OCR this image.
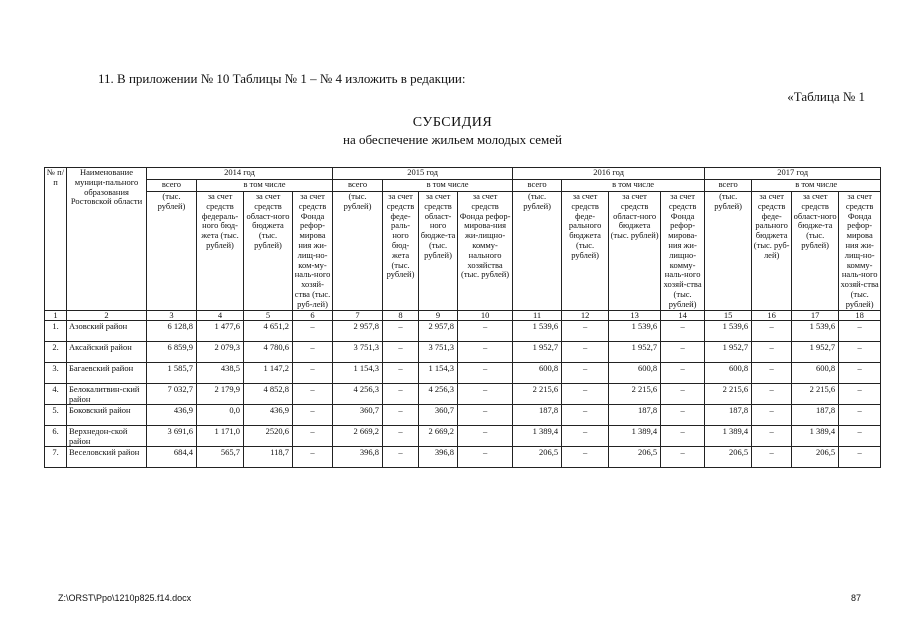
11. В приложении № 10 Таблицы № 1 – № 4 изложить в редакции:
«Таблица № 1
СУБСИДИЯ
на обеспечение жильем молодых семей
№ п/п	Наименование муници-пального образования Ростовской области	2014 год				2015 год				2016 год				2017 год			
		всего	в том числе			всего	в том числе			всего	в том числе			всего	в том числе		
		(тыс. рублей)	за счет средств федераль-ного бюд-жета (тыс. рублей)	за счет средств област-ного бюджета (тыс. рублей)	за счет средств Фонда рефор-мирова ния жи-лищ-но-ком-му-наль-ного хозяй-ства (тыс. руб-лей)	(тыс. рублей)	за счет средств феде-раль-ного бюд-жета (тыс. рублей)	за счет средств област-ного бюдже-та (тыс. рублей)	за счет средств Фонда рефор-мирова-ния жи-лищно-комму-нального хозяйства (тыс. рублей)	(тыс. рублей)	за счет средств феде-рального бюджета (тыс. рублей)	за счет средств област-ного бюджета (тыс. рублей)	за счет средств Фонда рефор-мирова-ния жи-лищно-комму-наль-ного хозяй-ства (тыс. рублей)	(тыс. рублей)	за счет средств феде-рального бюджета (тыс. руб-лей)	за счет средств област-ного бюдже-та (тыс. рублей)	за счет средств Фонда рефор-мирова ния жи-лищ-но-комму-наль-ного хозяй-ства (тыс. рублей)
1	2	3	4	5	6	7	8	9	10	11	12	13	14	15	16	17	18
1.	Азовский район	6 128,8	1 477,6	4 651,2	–	2 957,8	–	2 957,8	–	1 539,6	–	1 539,6	–	1 539,6	–	1 539,6	–
2.	Аксайский район	6 859,9	2 079,3	4 780,6	–	3 751,3	–	3 751,3	–	1 952,7	–	1 952,7	–	1 952,7	–	1 952,7	–
3.	Багаевский район	1 585,7	438,5	1 147,2	–	1 154,3	–	1 154,3	–	600,8	–	600,8	–	600,8	–	600,8	–
4.	Белокалитвин-ский район	7 032,7	2 179,9	4 852,8	–	4 256,3	–	4 256,3	–	2 215,6	–	2 215,6	–	2 215,6	–	2 215,6	–
5.	Боковский район	436,9	0,0	436,9	–	360,7	–	360,7	–	187,8	–	187,8	–	187,8	–	187,8	–
6.	Верхнедон-ской район	3 691,6	1 171,0	2520,6	–	2 669,2	–	2 669,2	–	1 389,4	–	1 389,4	–	1 389,4	–	1 389,4	–
7.	Веселовский район	684,4	565,7	118,7	–	396,8	–	396,8	–	206,5	–	206,5	–	206,5	–	206,5	–
Z:\ORST\Ppo\1210p825.f14.docx	87
